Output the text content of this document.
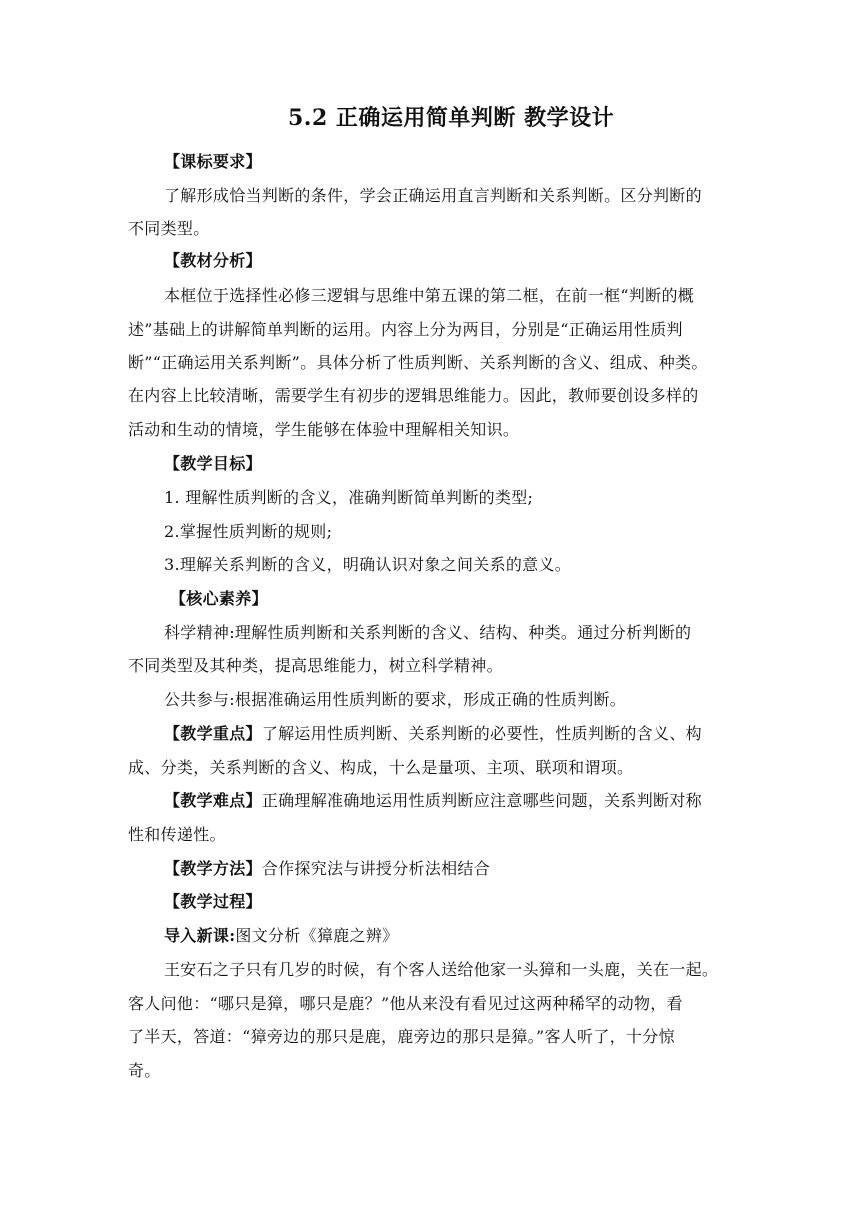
5.2 正确运用简单判断 教学设计
【课标要求】
了解形成恰当判断的条件，学会正确运用直言判断和关系判断。区分判断的
不同类型。
【教材分析】
本框位于选择性必修三逻辑与思维中第五课的第二框，在前一框“判断的概
述”基础上的讲解简单判断的运用。内容上分为两目，分别是“正确运用性质判
断”“正确运用关系判断”。具体分析了性质判断、关系判断的含义、组成、种类。
在内容上比较清晰，需要学生有初步的逻辑思维能力。因此，教师要创设多样的
活动和生动的情境，学生能够在体验中理解相关知识。
【教学目标】
1. 理解性质判断的含义，准确判断简单判断的类型;
2.掌握性质判断的规则;
3.理解关系判断的含义，明确认识对象之间关系的意义。
【核心素养】
科学精神:理解性质判断和关系判断的含义、结构、种类。通过分析判断的
不同类型及其种类，提高思维能力，树立科学精神。
公共参与:根据准确运用性质判断的要求，形成正确的性质判断。
【教学重点】了解运用性质判断、关系判断的必要性，性质判断的含义、构
成、分类，关系判断的含义、构成，十么是量项、主项、联项和谓项。
【教学难点】正确理解准确地运用性质判断应注意哪些问题，关系判断对称
性和传递性。
【教学方法】合作探究法与讲授分析法相结合
【教学过程】
导入新课:图文分析《獐鹿之辨》
王安石之子只有几岁的时候，有个客人送给他家一头獐和一头鹿，关在一起。
客人问他：“哪只是獐，哪只是鹿？”他从来没有看见过这两种稀罕的动物，看
了半天，答道：“獐旁边的那只是鹿，鹿旁边的那只是獐。”客人听了，十分惊
奇。
